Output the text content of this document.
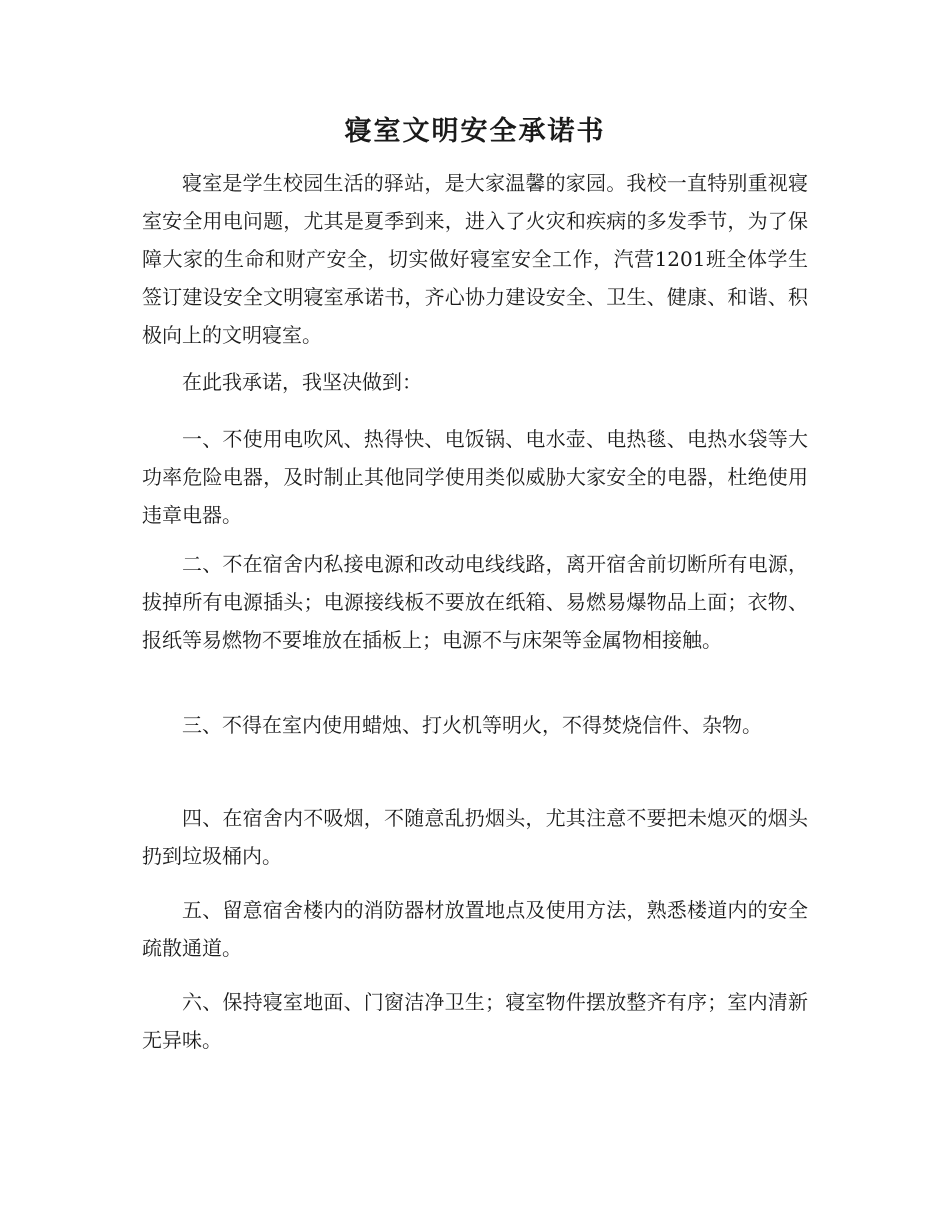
寝室文明安全承诺书

寝室是学生校园生活的驿站，是大家温馨的家园。我校一直特别重视寝室安全用电问题，尤其是夏季到来，进入了火灾和疾病的多发季节，为了保障大家的生命和财产安全，切实做好寝室安全工作，汽营1201班全体学生签订建设安全文明寝室承诺书，齐心协力建设安全、卫生、健康、和谐、积极向上的文明寝室。

在此我承诺，我坚决做到：

一、不使用电吹风、热得快、电饭锅、电水壶、电热毯、电热水袋等大功率危险电器，及时制止其他同学使用类似威胁大家安全的电器，杜绝使用违章电器。

二、不在宿舍内私接电源和改动电线线路，离开宿舍前切断所有电源，拔掉所有电源插头；电源接线板不要放在纸箱、易燃易爆物品上面；衣物、报纸等易燃物不要堆放在插板上；电源不与床架等金属物相接触。

三、不得在室内使用蜡烛、打火机等明火，不得焚烧信件、杂物。

四、在宿舍内不吸烟，不随意乱扔烟头，尤其注意不要把未熄灭的烟头扔到垃圾桶内。

五、留意宿舍楼内的消防器材放置地点及使用方法，熟悉楼道内的安全疏散通道。

六、保持寝室地面、门窗洁净卫生；寝室物件摆放整齐有序；室内清新无异味。
